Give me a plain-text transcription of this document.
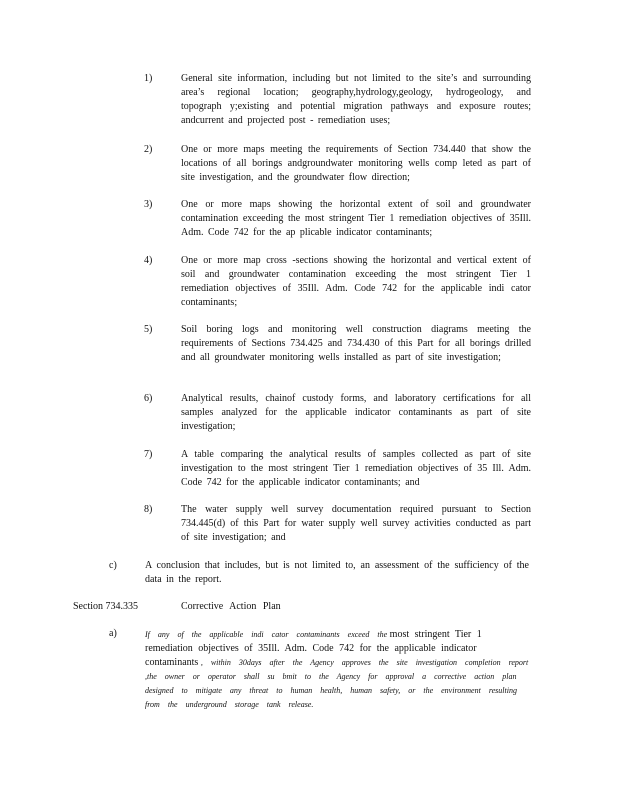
1)	General site information, including but not limited to the site’s and surrounding area’s regional location; geography,hydrology,geology, hydrogeology, and topograph y;existing and potential migration pathways and exposure routes; andcurrent and projected post - remediation uses;
2)	One or more maps meeting the requirements of Section 734.440 that show the locations of all borings andgroundwater monitoring wells comp leted as part of site investigation, and the groundwater flow direction;
3)	One or more maps showing the horizontal extent of soil and groundwater contamination exceeding the most stringent Tier 1 remediation objectives of 35Ill. Adm. Code 742 for the ap plicable indicator contaminants;
4)	One or more map cross -sections showing the horizontal and vertical extent of soil and groundwater contamination exceeding the most stringent Tier 1 remediation objectives of 35Ill. Adm. Code 742 for the applicable indi cator contaminants;
5)	Soil boring logs and monitoring well construction diagrams meeting the requirements of Sections 734.425 and 734.430 of this Part for all borings drilled and all groundwater monitoring wells installed as part of site investigation;
6)	Analytical results, chainof custody forms, and laboratory certifications for all samples analyzed for the applicable indicator contaminants as part of site investigation;
7)	A table comparing the analytical results of samples collected as part of site investigation to the most stringent Tier 1 remediation objectives of 35 Ill. Adm. Code 742 for the applicable indicator contaminants; and
8)	The water supply well survey documentation required pursuant to Section 734.445(d) of this Part for water supply well survey activities conducted as part of site investigation; and
c)	A conclusion that includes, but is not limited to, an assessment of the sufficiency of the data in the report.
Section 734.335	Corrective Action Plan
a)	If any of the applicable indi cator contaminants exceed the most stringent Tier 1 remediation objectives of 35Ill. Adm. Code 742 for the applicable indicator contaminants , within 30days after the Agency approves the site investigation completion report ,the owner or operator shall su bmit to the Agency for approval a corrective action plan designed to mitigate any threat to human health, human safety, or the environment resulting from the underground storage tank release.
